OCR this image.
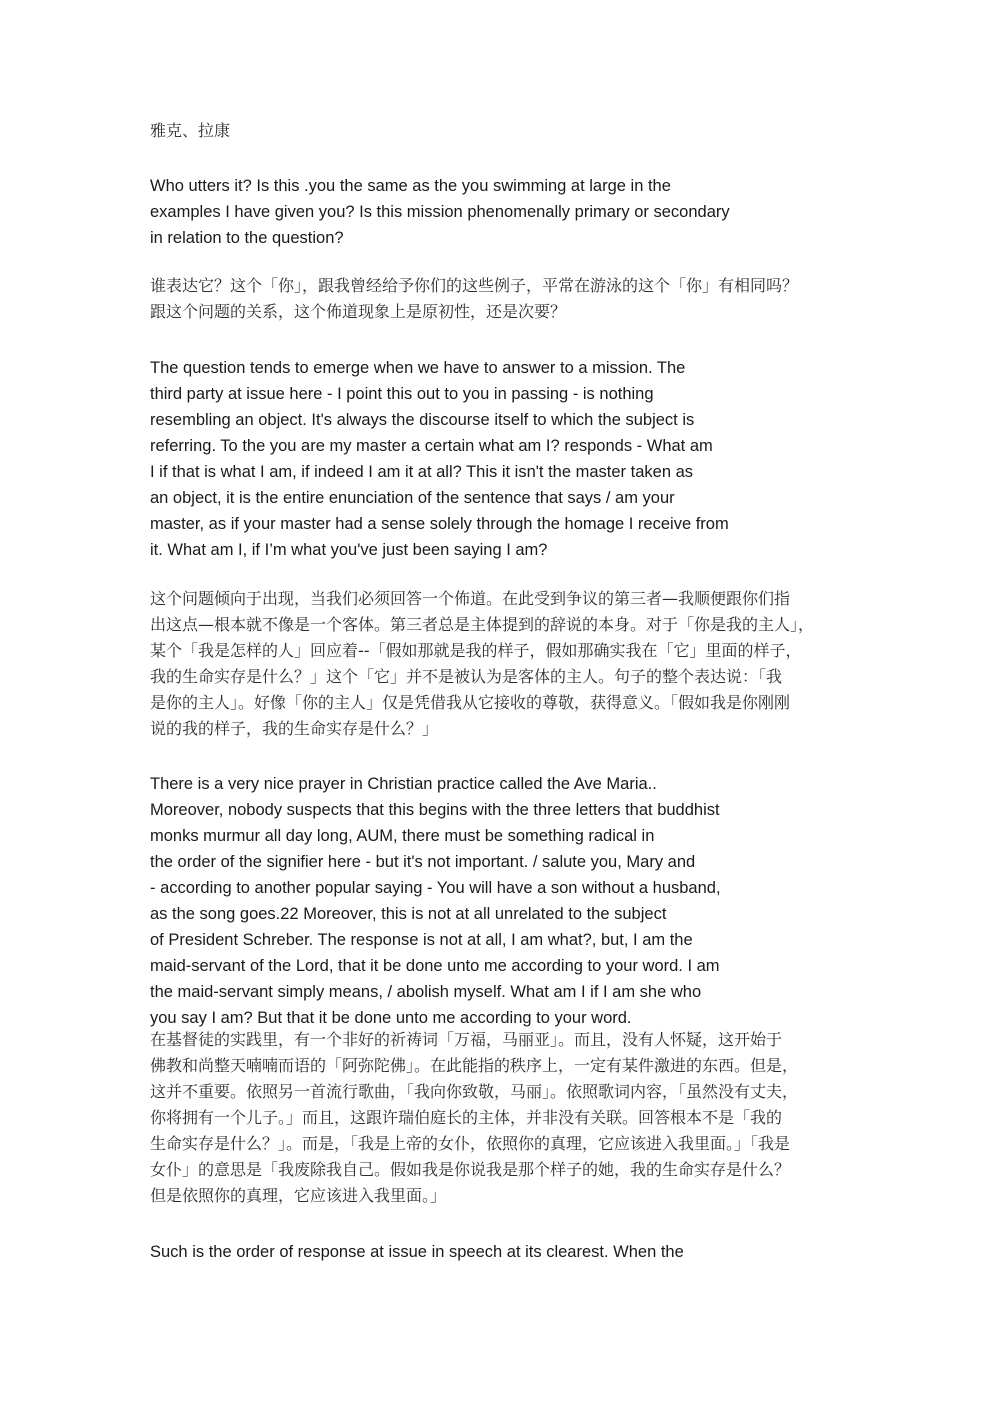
雅克、拉康
Who utters it? Is this .you the same as the you swimming at large in the
examples I have given you? Is this mission phenomenally primary or secondary
in relation to the question?
谁表达它？这个「你」，跟我曾经给予你们的这些例子，平常在游泳的这个「你」有相同吗？
跟这个问题的关系，这个佈道现象上是原初性，还是次要？
The question tends to emerge when we have to answer to a mission. The
third party at issue here - I point this out to you in passing - is nothing
resembling an object. It's always the discourse itself to which the subject is
referring. To the you are my master a certain what am I? responds - What am
I if that is what I am, if indeed I am it at all? This it isn't the master taken as
an object, it is the entire enunciation of the sentence that says / am your
master, as if your master had a sense solely through the homage I receive from
it. What am I, if I’m what you've just been saying I am?
这个问题倾向于出现，当我们必须回答一个佈道。在此受到争议的第三者—我顺便跟你们指
出这点—根本就不像是一个客体。第三者总是主体提到的辞说的本身。对于「你是我的主人」，
某个「我是怎样的人」回应着--「假如那就是我的样子，假如那确实我在「它」里面的样子，
我的生命实存是什么？」这个「它」并不是被认为是客体的主人。句子的整个表达说：「我
是你的主人」。好像「你的主人」仅是凭借我从它接收的尊敬，获得意义。「假如我是你刚刚
说的我的样子，我的生命实存是什么？」
There is a very nice prayer in Christian practice called the Ave Maria..
Moreover, nobody suspects that this begins with the three letters that buddhist
monks murmur all day long, AUM, there must be something radical in
the order of the signifier here - but it's not important. / salute you, Mary and
- according to another popular saying - You will have a son without a husband,
as the song goes.22 Moreover, this is not at all unrelated to the subject
of President Schreber. The response is not at all, I am what?, but, I am the
maid-servant of the Lord, that it be done unto me according to your word. I am
the maid-servant simply means, / abolish myself. What am I if I am she who
you say I am? But that it be done unto me according to your word.
在基督徒的实践里，有一个非好的祈祷词「万福，马丽亚」。而且，没有人怀疑，这开始于
佛教和尚整天喃喃而语的「阿弥陀佛」。在此能指的秩序上，一定有某件激进的东西。但是，
这并不重要。依照另一首流行歌曲，「我向你致敬，马丽」。依照歌词内容，「虽然没有丈夫，
你将拥有一个儿子。」而且，这跟许瑞伯庭长的主体，并非没有关联。回答根本不是「我的
生命实存是什么？」。而是，「我是上帝的女仆，依照你的真理，它应该进入我里面。」「我是
女仆」的意思是「我废除我自己。假如我是你说我是那个样子的她，我的生命实存是什么？
但是依照你的真理，它应该进入我里面。」
Such is the order of response at issue in speech at its clearest. When the
